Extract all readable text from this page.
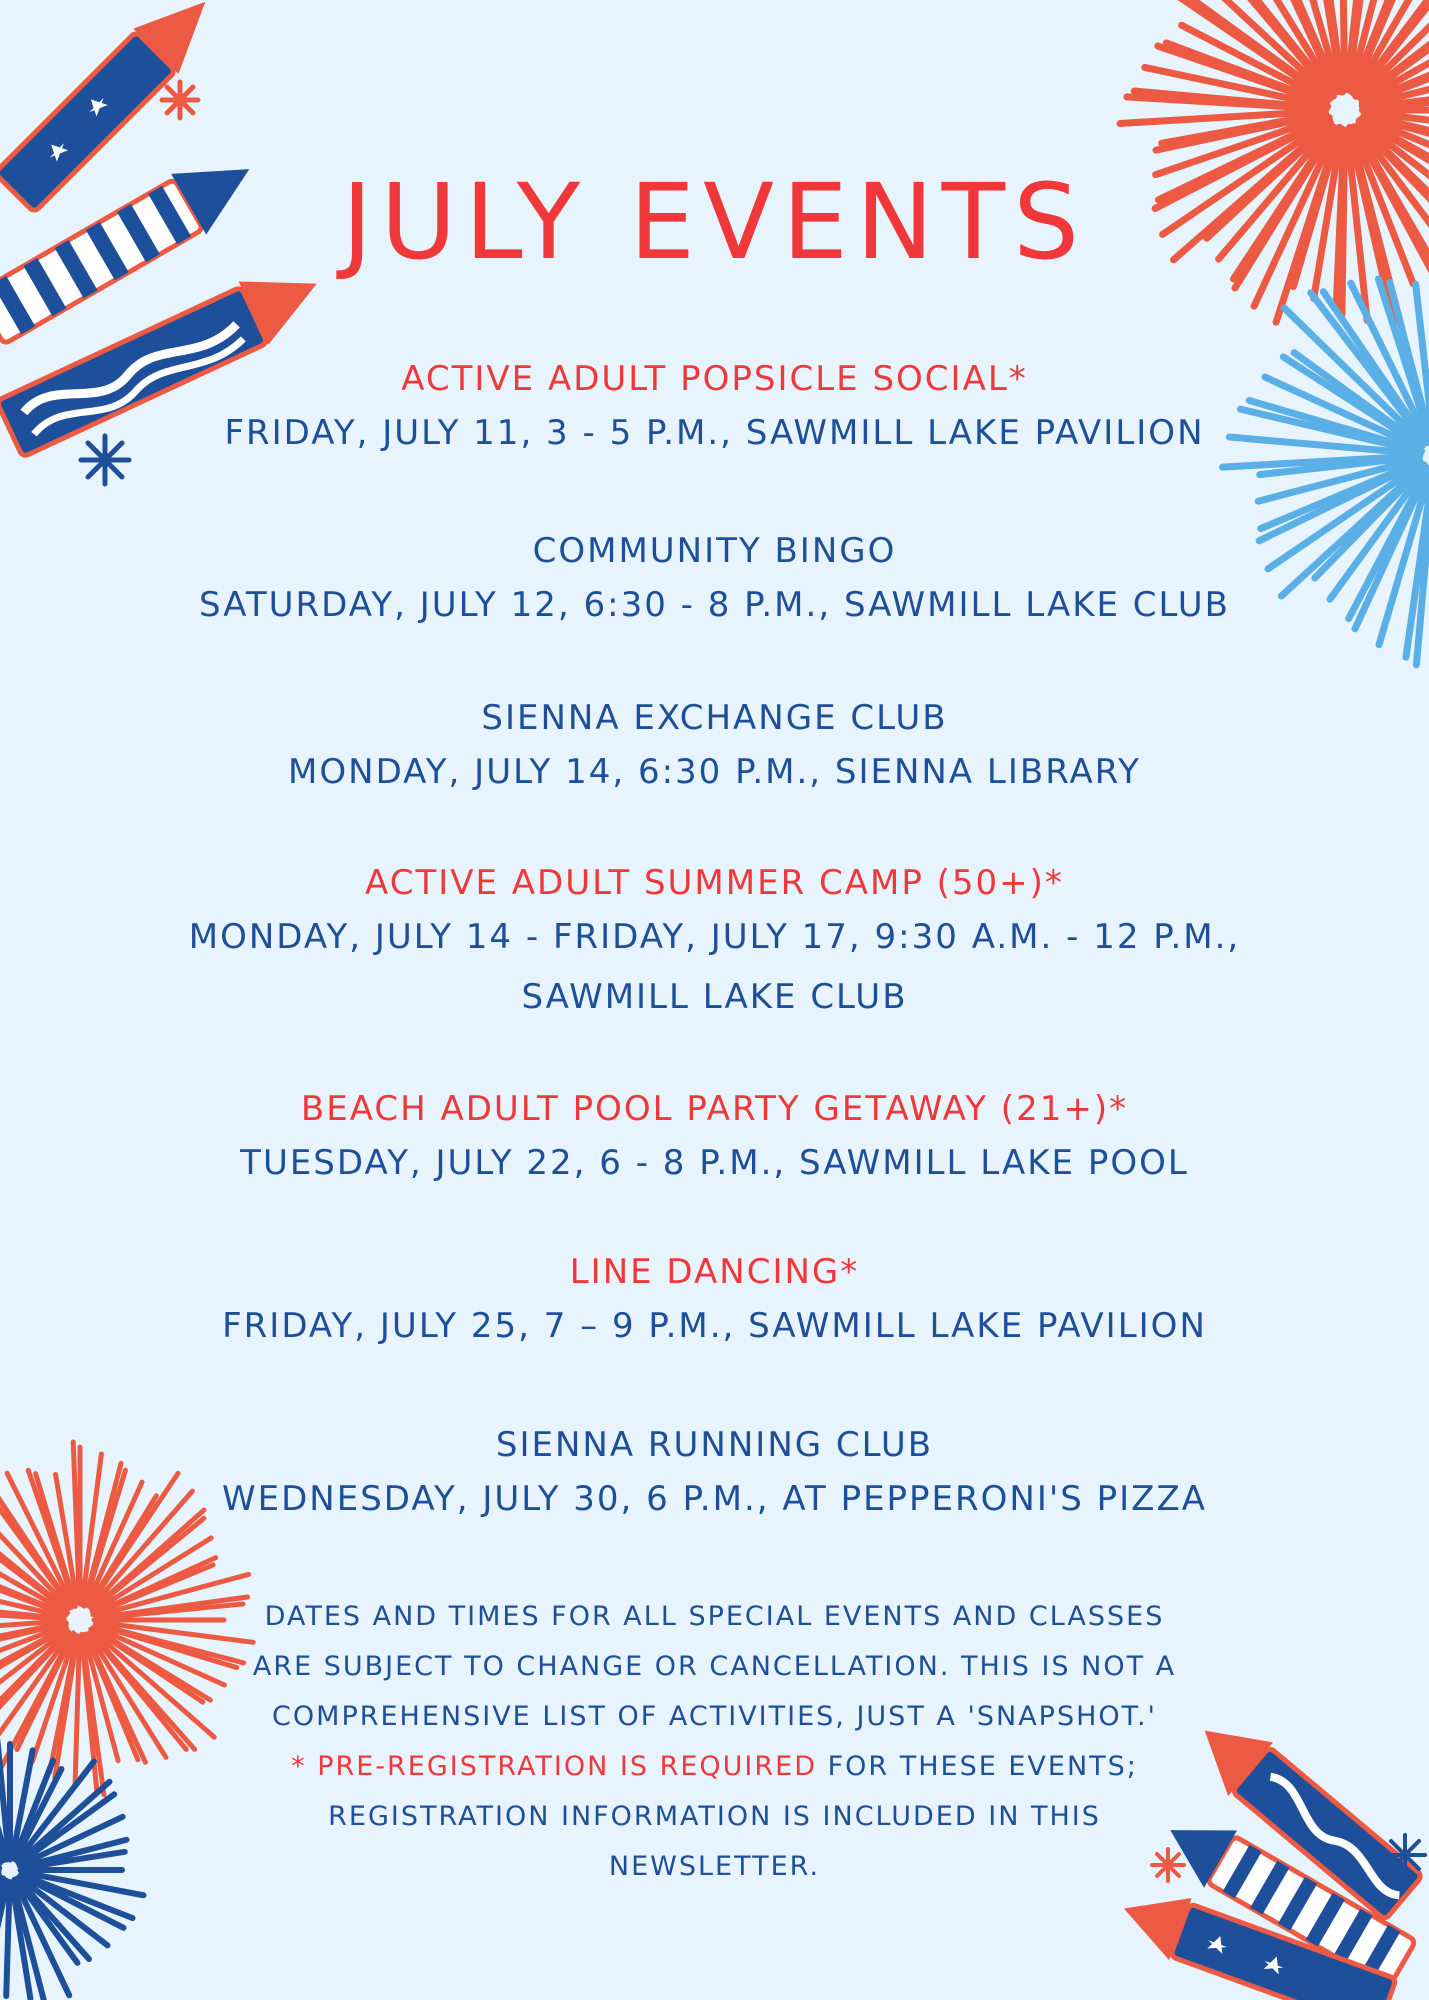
JULY EVENTS
ACTIVE ADULT POPSICLE SOCIAL*
FRIDAY, JULY 11, 3 - 5 P.M., SAWMILL LAKE PAVILION
COMMUNITY BINGO
SATURDAY, JULY 12, 6:30 - 8 P.M., SAWMILL LAKE CLUB
SIENNA EXCHANGE CLUB
MONDAY, JULY 14, 6:30 P.M., SIENNA LIBRARY
ACTIVE ADULT SUMMER CAMP (50+)*
MONDAY, JULY 14 - FRIDAY, JULY 17, 9:30 A.M. - 12 P.M.,
SAWMILL LAKE CLUB
BEACH ADULT POOL PARTY GETAWAY (21+)*
TUESDAY, JULY 22, 6 - 8 P.M., SAWMILL LAKE POOL
LINE DANCING*
FRIDAY, JULY 25, 7 – 9 P.M., SAWMILL LAKE PAVILION
SIENNA RUNNING CLUB
WEDNESDAY, JULY 30, 6 P.M., AT PEPPERONI'S PIZZA
DATES AND TIMES FOR ALL SPECIAL EVENTS AND CLASSES ARE SUBJECT TO CHANGE OR CANCELLATION. THIS IS NOT A COMPREHENSIVE LIST OF ACTIVITIES, JUST A 'SNAPSHOT.'
* PRE-REGISTRATION IS REQUIRED FOR THESE EVENTS; REGISTRATION INFORMATION IS INCLUDED IN THIS NEWSLETTER.
